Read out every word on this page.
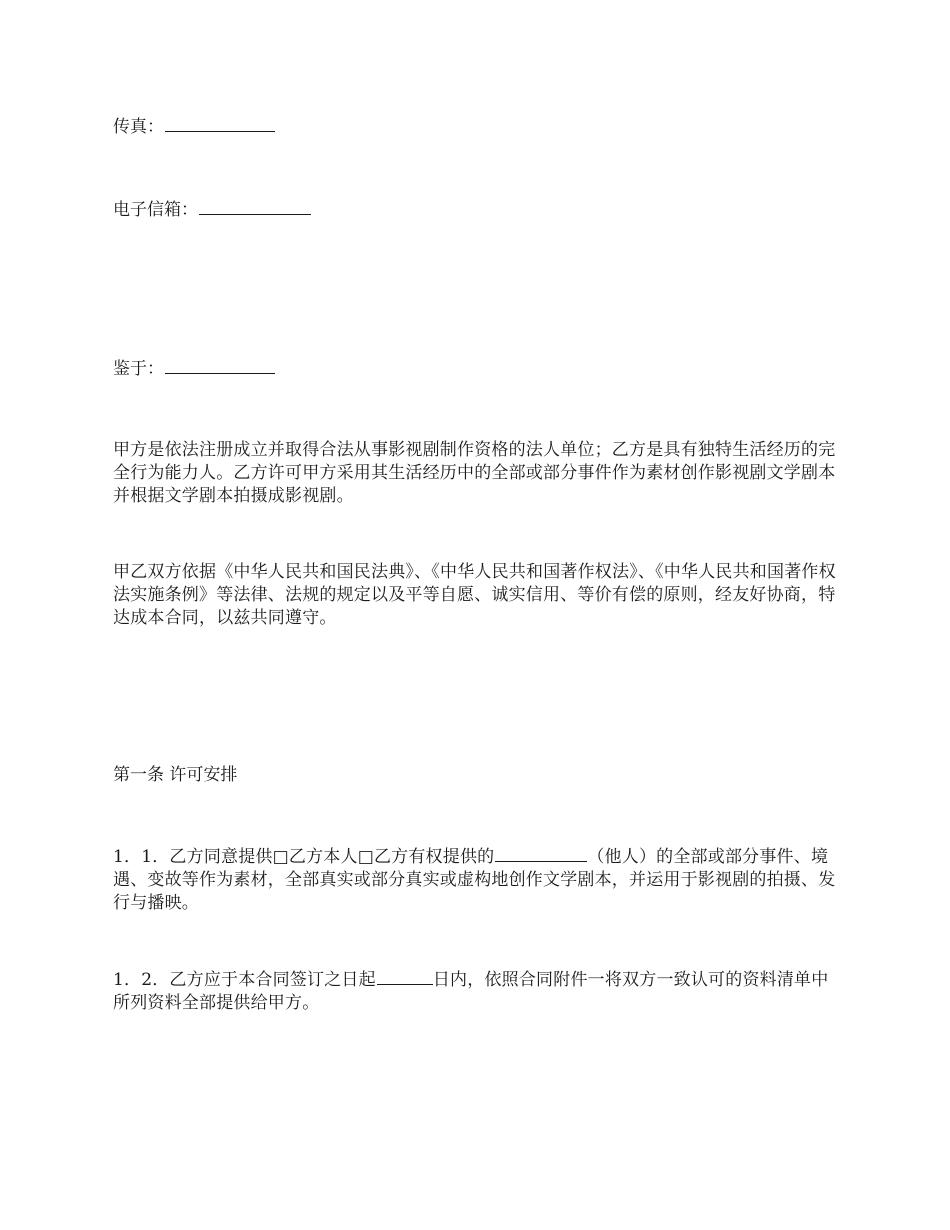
传真：
电子信箱：
鉴于：
甲方是依法注册成立并取得合法从事影视剧制作资格的法人单位；乙方是具有独特生活经历的完全行为能力人。乙方许可甲方采用其生活经历中的全部或部分事件作为素材创作影视剧文学剧本并根据文学剧本拍摄成影视剧。
甲乙双方依据《中华人民共和国民法典》、《中华人民共和国著作权法》、《中华人民共和国著作权法实施条例》等法律、法规的规定以及平等自愿、诚实信用、等价有偿的原则，经友好协商，特达成本合同，以兹共同遵守。
第一条 许可安排
1．1．乙方同意提供□乙方本人□乙方有权提供的	（他人）的全部或部分事件、境遇、变故等作为素材，全部真实或部分真实或虚构地创作文学剧本，并运用于影视剧的拍摄、发行与播映。
1．2．乙方应于本合同签订之日起	日内，依照合同附件一将双方一致认可的资料清单中所列资料全部提供给甲方。
